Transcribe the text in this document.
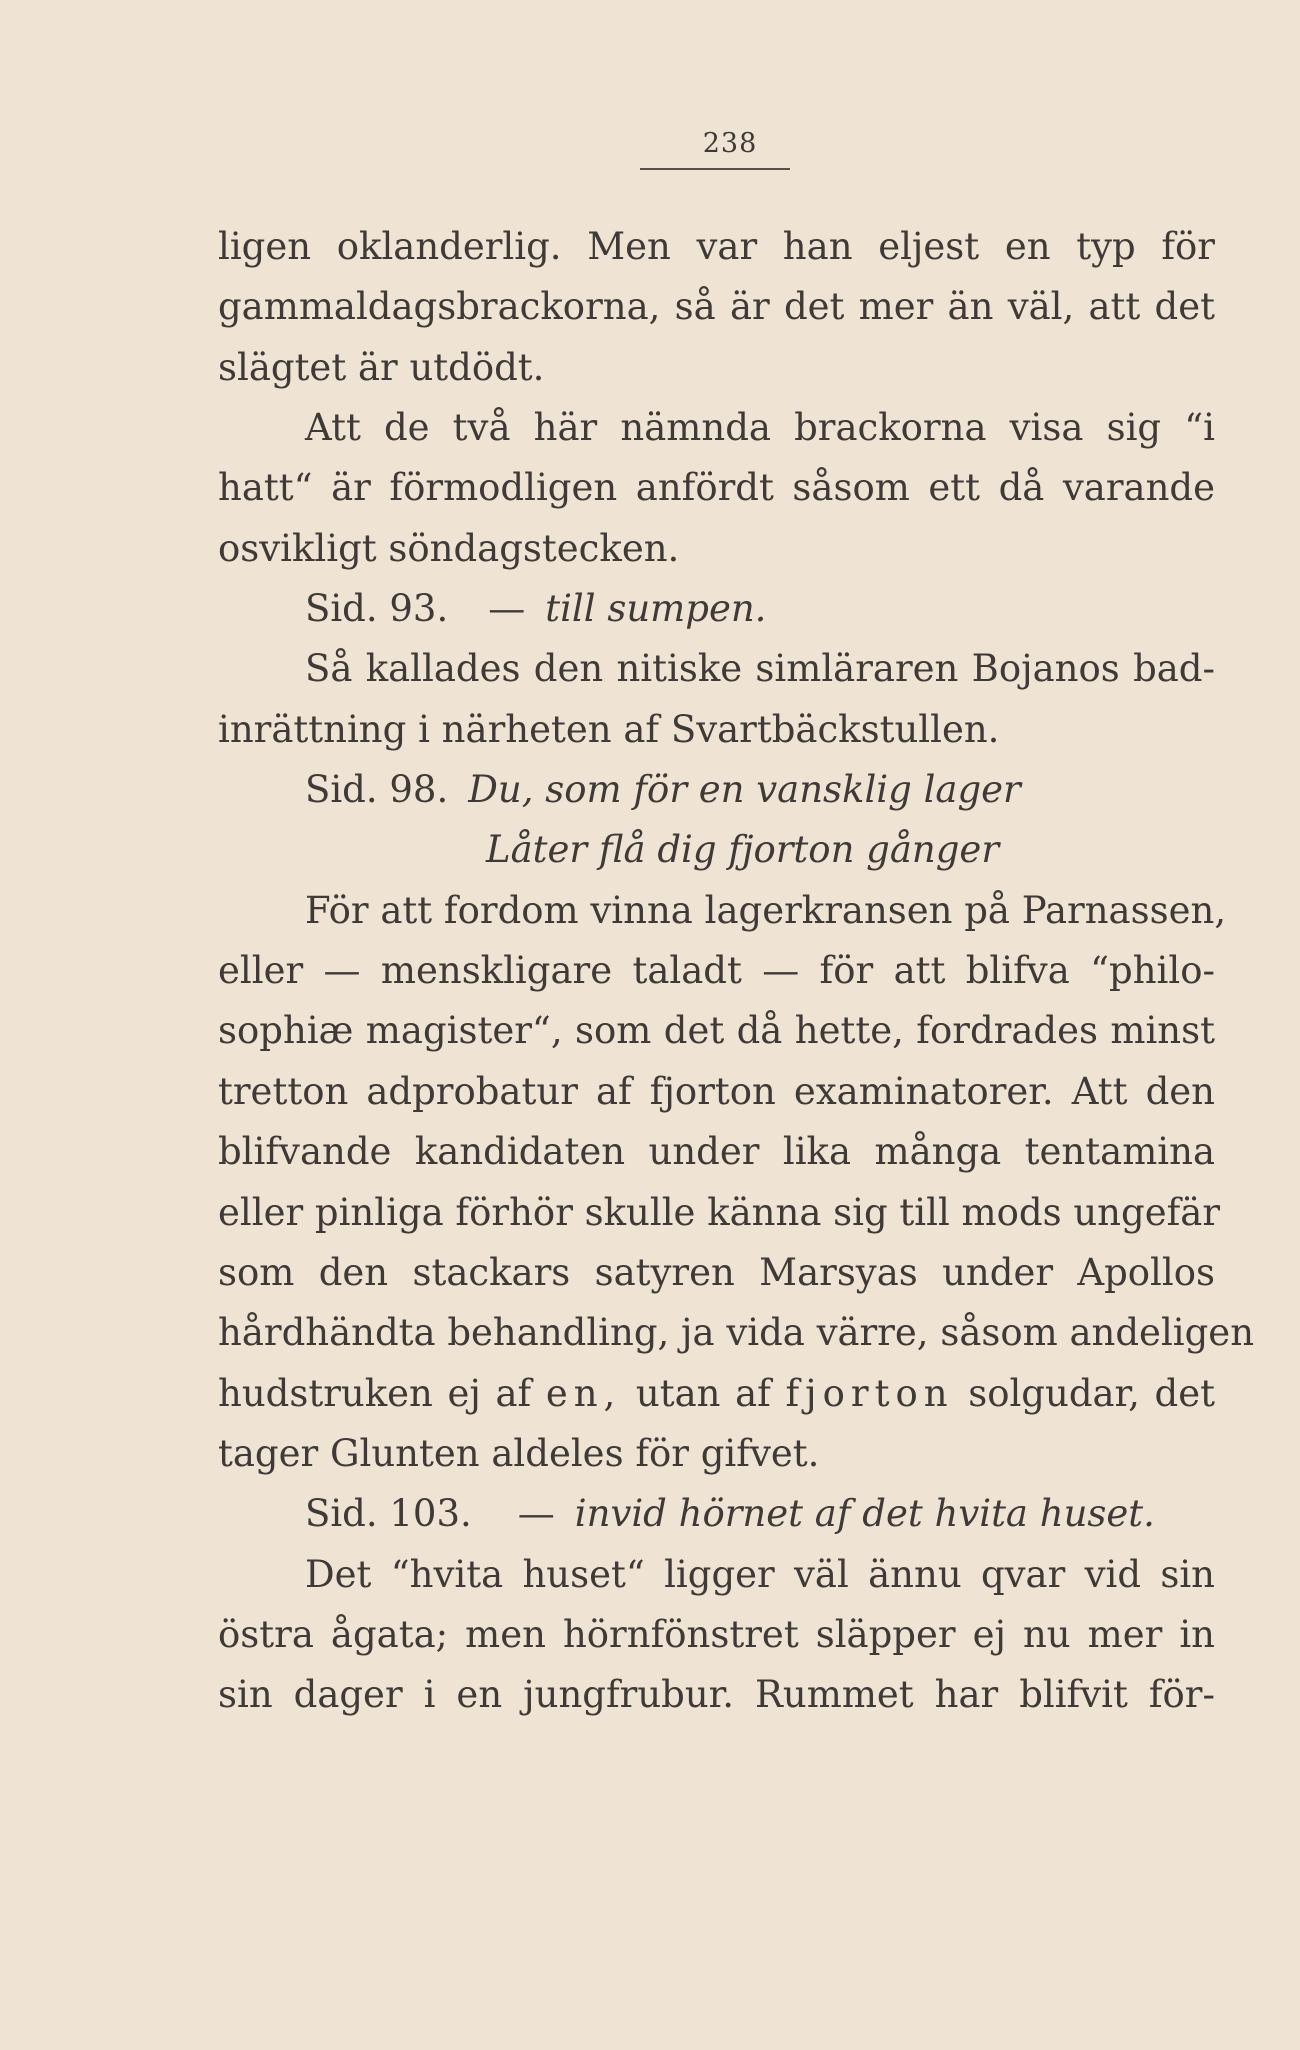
238
ligen oklanderlig. Men var han eljest en typ för
gammaldagsbrackorna, så är det mer än väl, att det
slägtet är utdödt.
Att de två här nämnda brackorna visa sig “i
hatt“ är förmodligen anfördt såsom ett då varande
osvikligt söndagstecken.
Sid. 93. — till sumpen.
Så kallades den nitiske simläraren Bojanos bad-
inrättning i närheten af Svartbäckstullen.
Sid. 98. Du, som för en vansklig lager
Låter flå dig fjorton gånger
För att fordom vinna lagerkransen på Parnassen,
eller — menskligare taladt — för att blifva “philo-
sophiæ magister“, som det då hette, fordrades minst
tretton adprobatur af fjorton examinatorer. Att den
blifvande kandidaten under lika många tentamina
eller pinliga förhör skulle känna sig till mods ungefär
som den stackars satyren Marsyas under Apollos
hårdhändta behandling, ja vida värre, såsom andeligen
hudstruken ej af en, utan af fjorton solgudar, det
tager Glunten aldeles för gifvet.
Sid. 103. — invid hörnet af det hvita huset.
Det “hvita huset“ ligger väl ännu qvar vid sin
östra ågata; men hörnfönstret släpper ej nu mer in
sin dager i en jungfrubur. Rummet har blifvit för-
